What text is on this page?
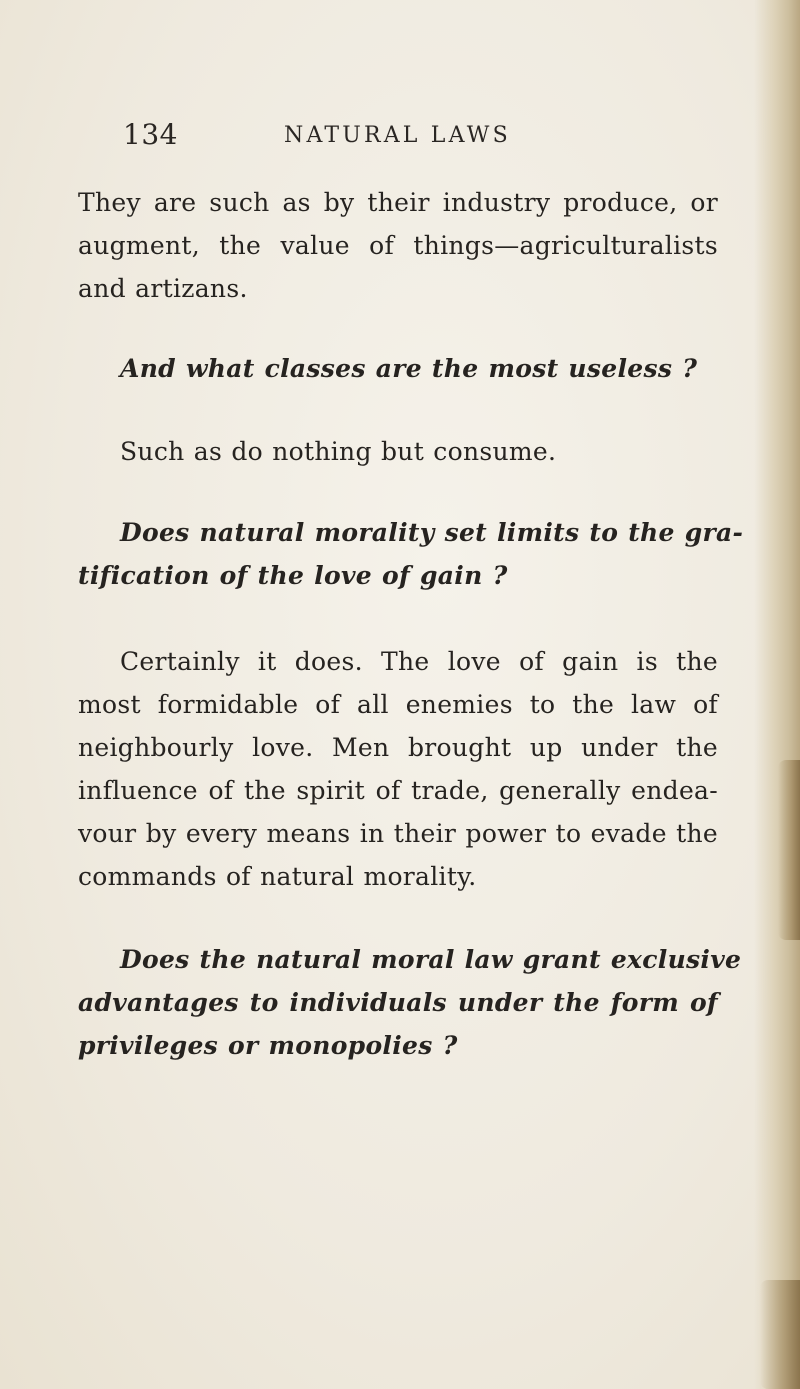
134	NATURAL LAWS

They are such as by their industry produce, or
augment, the value of things—agriculturalists
and artizans.

And what classes are the most useless ?

Such as do nothing but consume.

Does natural morality set limits to the gra-
tification of the love of gain ?

Certainly it does. The love of gain is the
most formidable of all enemies to the law of
neighbourly love. Men brought up under the
influence of the spirit of trade, generally endea-
vour by every means in their power to evade the
commands of natural morality.

Does the natural moral law grant exclusive
advantages to individuals under the form of
privileges or monopolies ?
